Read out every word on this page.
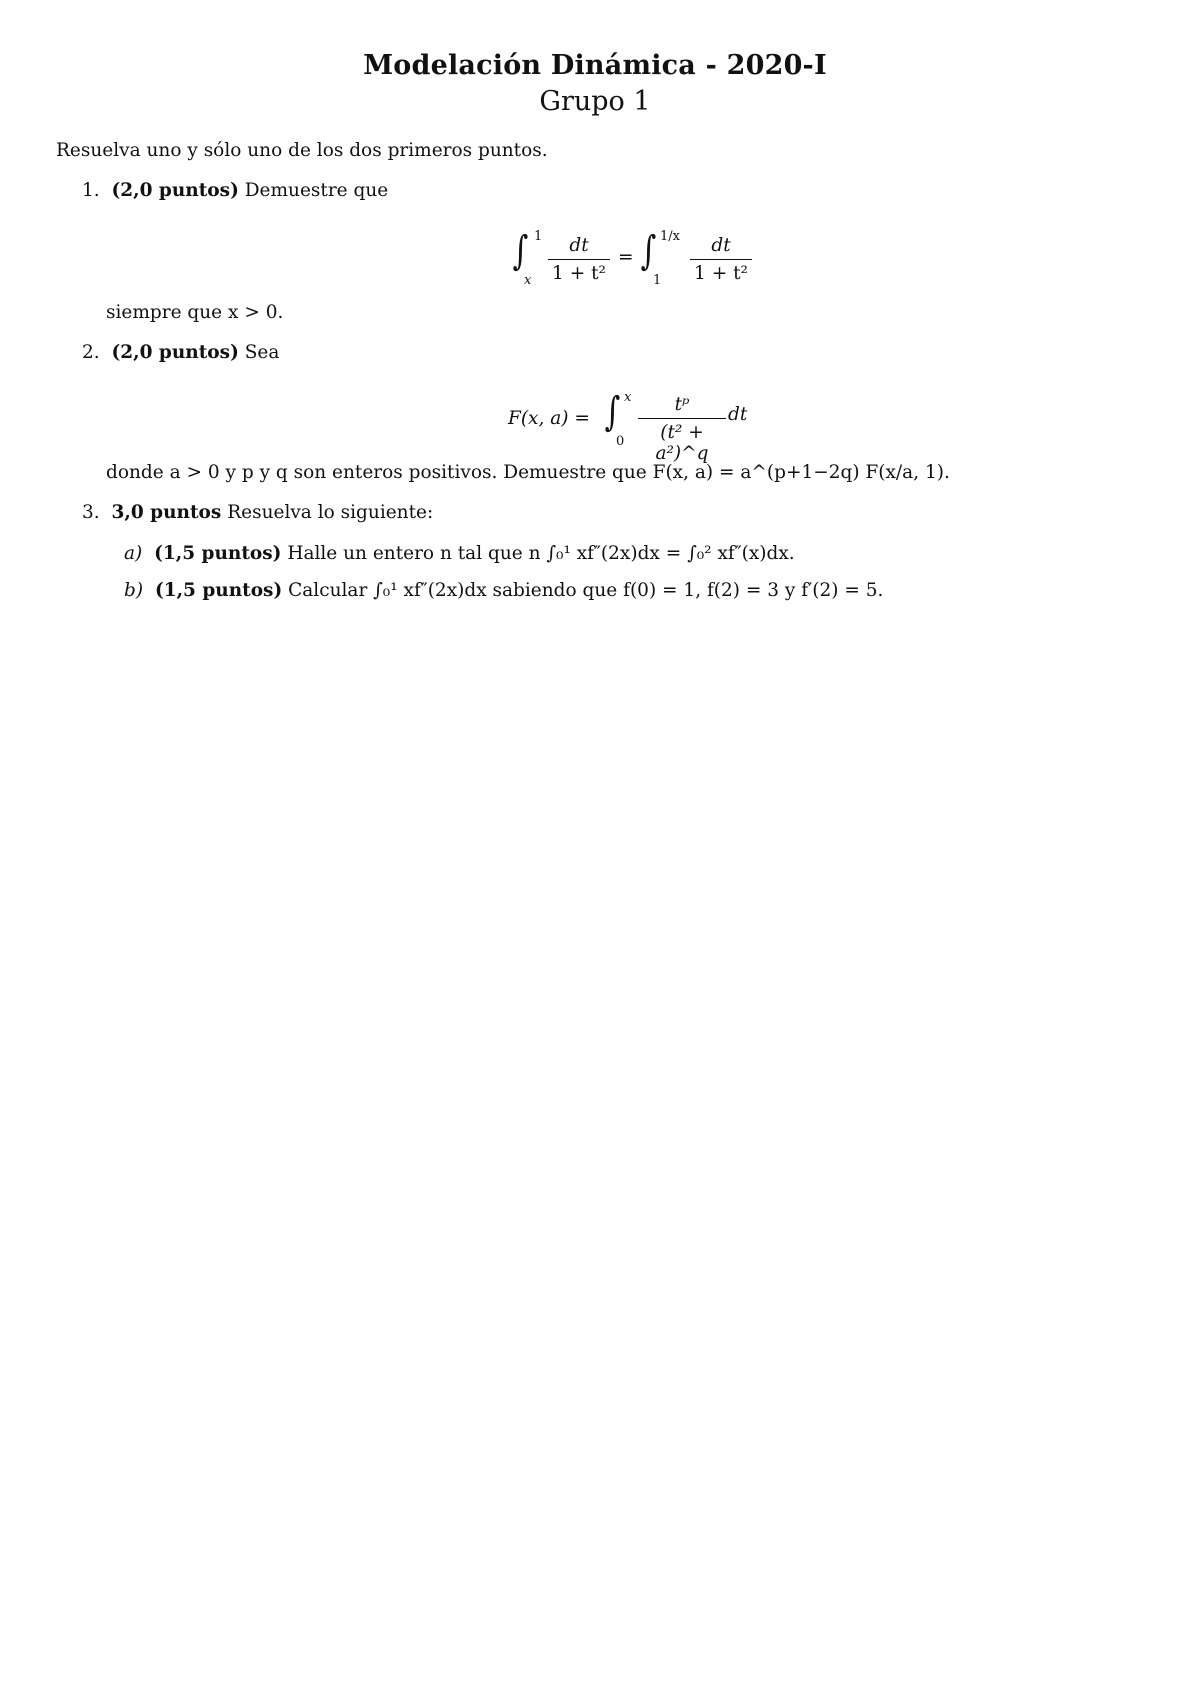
Modelación Dinámica - 2020-I
Grupo 1
Resuelva uno y sólo uno de los dos primeros puntos.
1. (2,0 puntos) Demuestre que
∫ 1
x $\frac{dt}{\text{1 + t²}}$ = ∫ 1/x
$1 \frac{dt}{\text{1 + t²}}$
siempre que x > 0.
2. (2,0 puntos) Sea
F(x, a) = ∫ x
$0 \frac{\text{tᵖ}}{\text{(t² + a²)\textasciicircum{}q}}$ dt
donde a > 0 y p y q son enteros positivos. Demuestre que F(x, a) = a^(p+1−2q) F(x/a, 1).
3. 3,0 puntos Resuelva lo siguiente:
a) (1,5 puntos) Halle un entero n tal que n ∫₀¹ xf″(2x)dx = ∫₀² xf″(x)dx.
b) (1,5 puntos) Calcular ∫₀¹ xf″(2x)dx sabiendo que f(0) = 1, f(2) = 3 y f′(2) = 5.
